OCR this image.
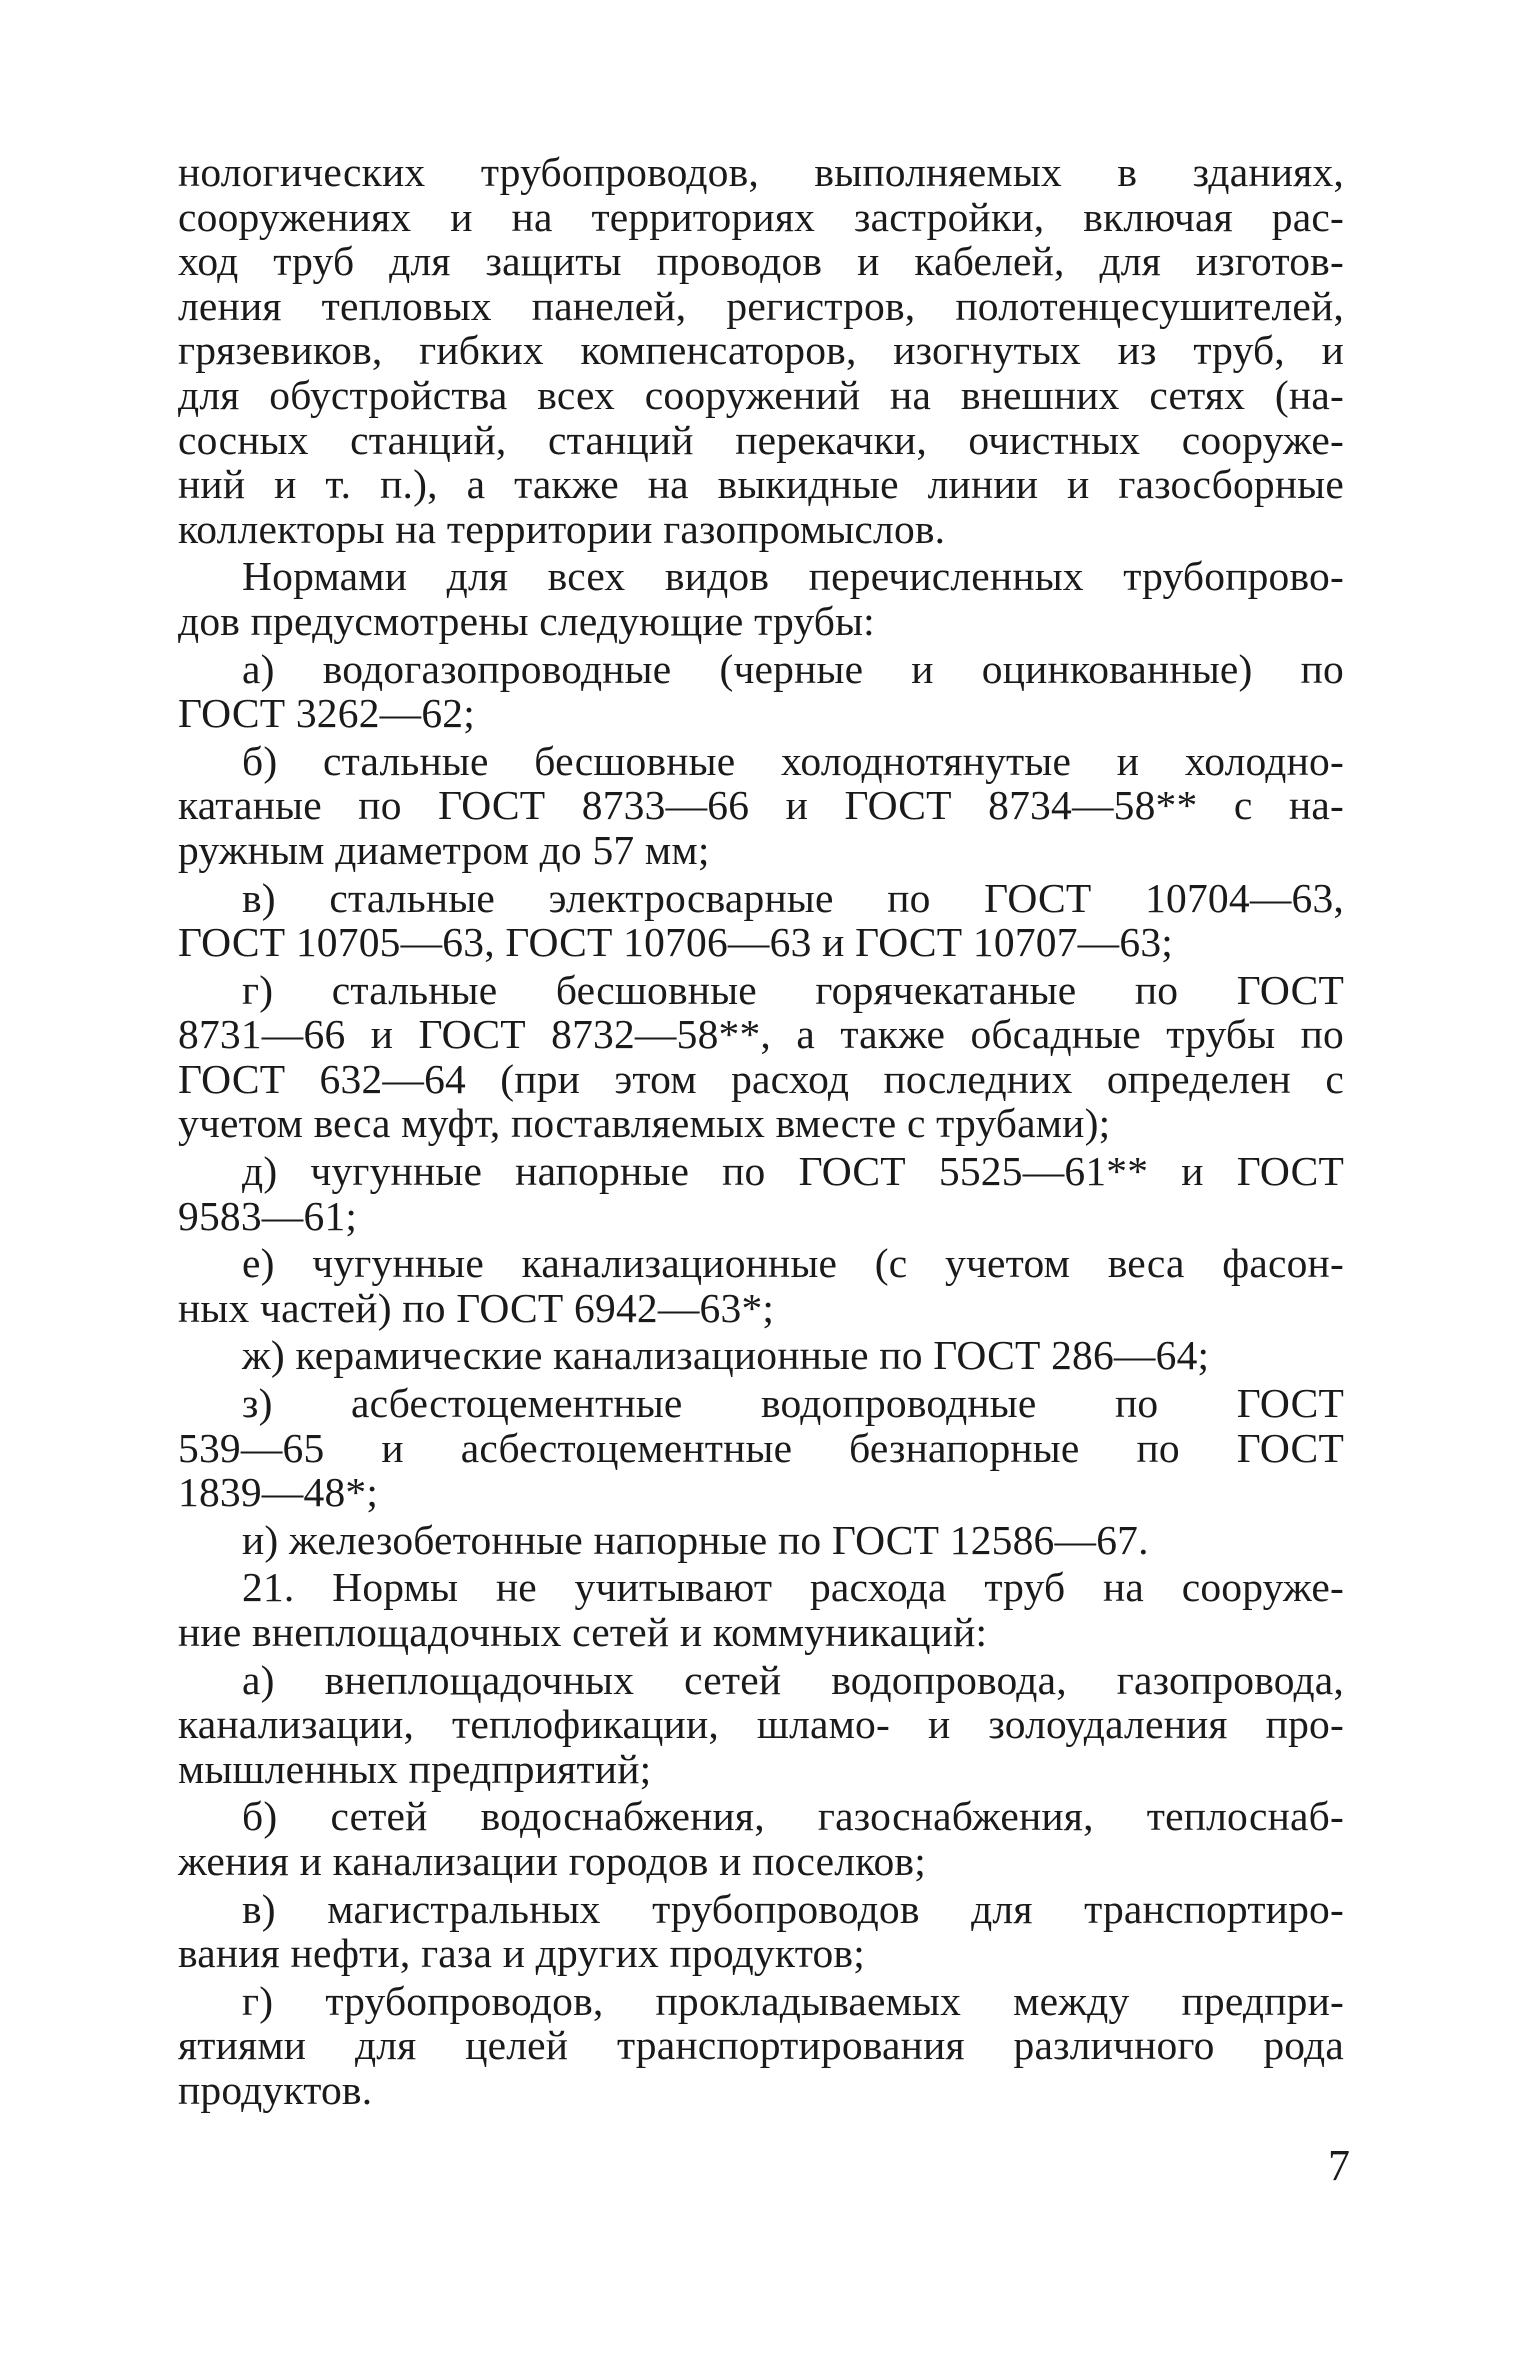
нологических трубопроводов, выполняемых в зданиях,
сооружениях и на территориях застройки, включая рас-
ход труб для защиты проводов и кабелей, для изготов-
ления тепловых панелей, регистров, полотенцесушителей,
грязевиков, гибких компенсаторов, изогнутых из труб, и
для обустройства всех сооружений на внешних сетях (на-
сосных станций, станций перекачки, очистных сооруже-
ний и т. п.), а также на выкидные линии и газосборные
коллекторы на территории газопромыслов.
Нормами для всех видов перечисленных трубопрово-
дов предусмотрены следующие трубы:
а) водогазопроводные (черные и оцинкованные) по
ГОСТ 3262—62;
б) стальные бесшовные холоднотянутые и холодно-
катаные по ГОСТ 8733—66 и ГОСТ 8734—58** с на-
ружным диаметром до 57 мм;
в) стальные электросварные по ГОСТ 10704—63,
ГОСТ 10705—63, ГОСТ 10706—63 и ГОСТ 10707—63;
г) стальные бесшовные горячекатаные по ГОСТ
8731—66 и ГОСТ 8732—58**, а также обсадные трубы по
ГОСТ 632—64 (при этом расход последних определен с
учетом веса муфт, поставляемых вместе с трубами);
д) чугунные напорные по ГОСТ 5525—61** и ГОСТ
9583—61;
е) чугунные канализационные (с учетом веса фасон-
ных частей) по ГОСТ 6942—63*;
ж) керамические канализационные по ГОСТ 286—64;
з) асбестоцементные водопроводные по ГОСТ
539—65 и асбестоцементные безнапорные по ГОСТ
1839—48*;
и) железобетонные напорные по ГОСТ 12586—67.
21. Нормы не учитывают расхода труб на сооруже-
ние внеплощадочных сетей и коммуникаций:
а) внеплощадочных сетей водопровода, газопровода,
канализации, теплофикации, шламо- и золоудаления про-
мышленных предприятий;
б) сетей водоснабжения, газоснабжения, теплоснаб-
жения и канализации городов и поселков;
в) магистральных трубопроводов для транспортиро-
вания нефти, газа и других продуктов;
г) трубопроводов, прокладываемых между предпри-
ятиями для целей транспортирования различного рода
продуктов.
7
